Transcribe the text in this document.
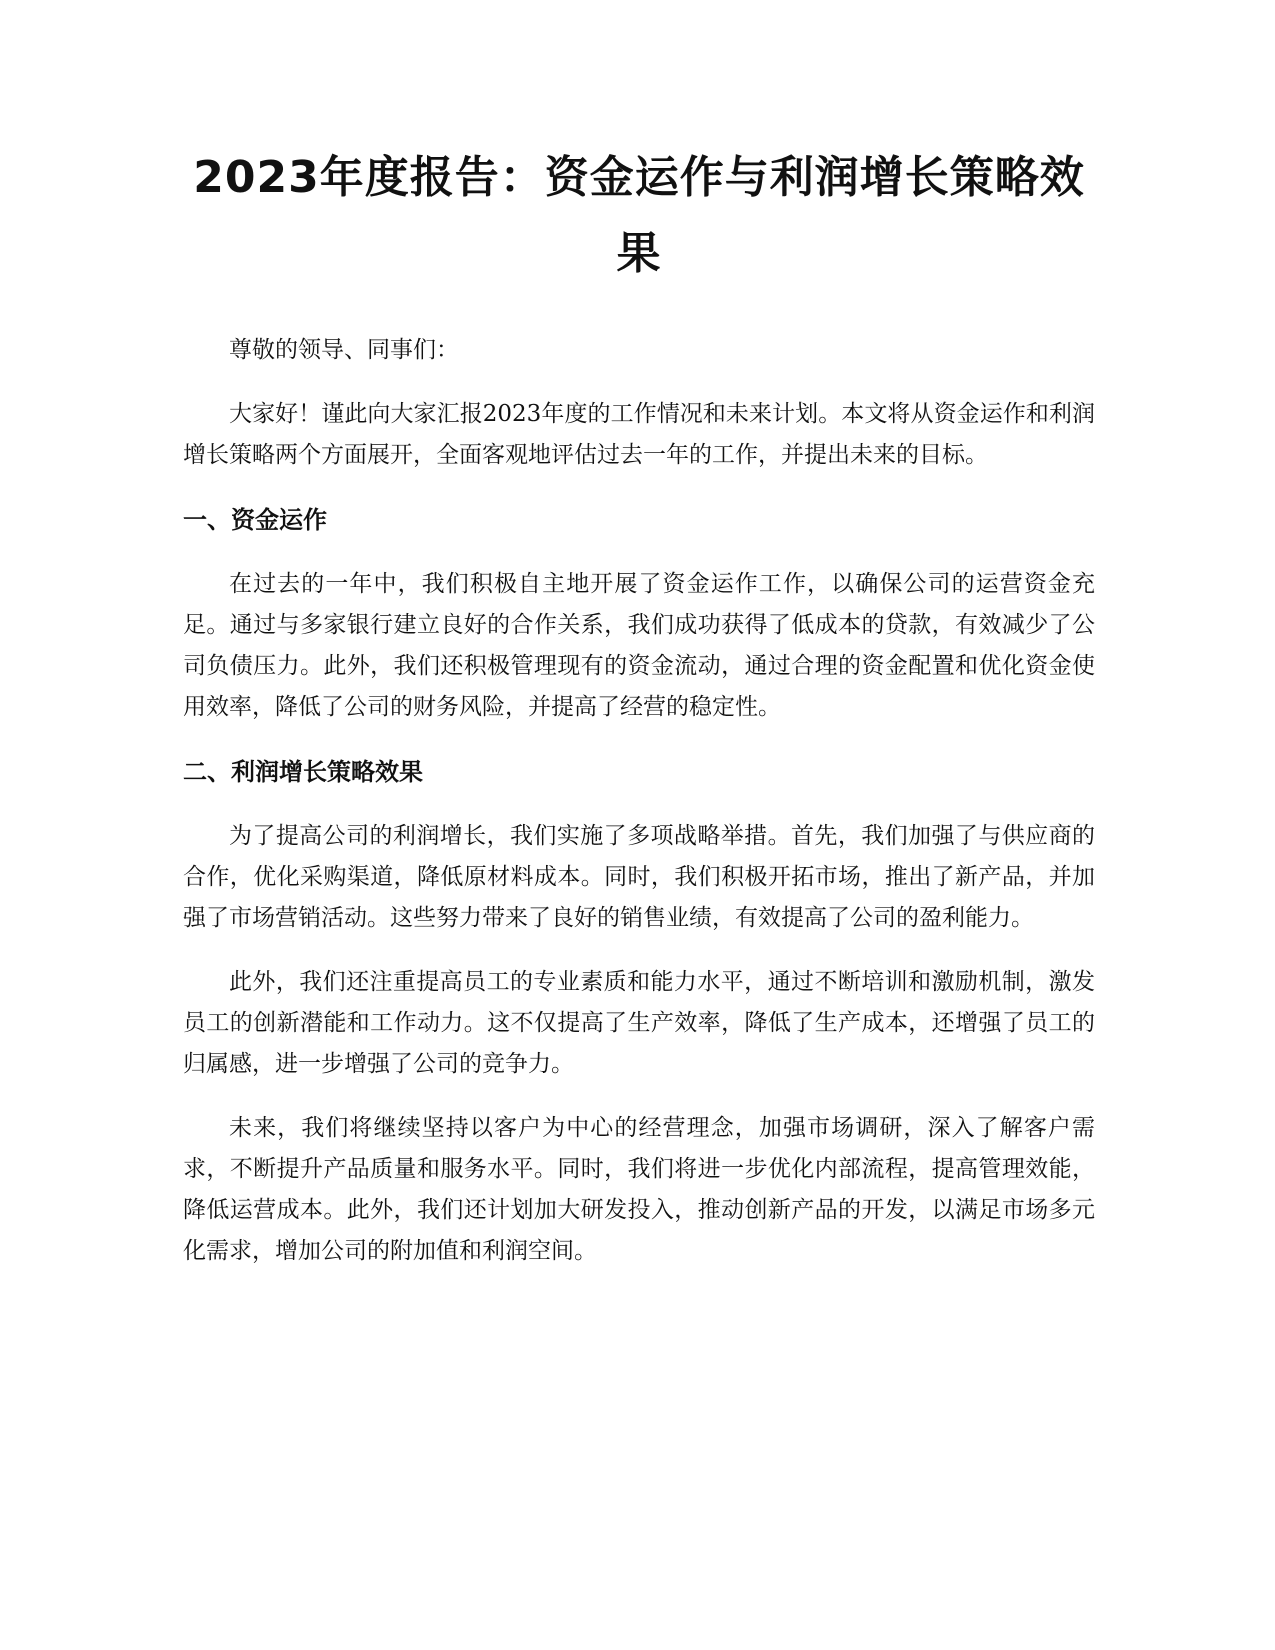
2023年度报告：资金运作与利润增长策略效果

尊敬的领导、同事们：

大家好！谨此向大家汇报2023年度的工作情况和未来计划。本文将从资金运作和利润增长策略两个方面展开，全面客观地评估过去一年的工作，并提出未来的目标。

一、资金运作

在过去的一年中，我们积极自主地开展了资金运作工作，以确保公司的运营资金充足。通过与多家银行建立良好的合作关系，我们成功获得了低成本的贷款，有效减少了公司负债压力。此外，我们还积极管理现有的资金流动，通过合理的资金配置和优化资金使用效率，降低了公司的财务风险，并提高了经营的稳定性。

二、利润增长策略效果

为了提高公司的利润增长，我们实施了多项战略举措。首先，我们加强了与供应商的合作，优化采购渠道，降低原材料成本。同时，我们积极开拓市场，推出了新产品，并加强了市场营销活动。这些努力带来了良好的销售业绩，有效提高了公司的盈利能力。

此外，我们还注重提高员工的专业素质和能力水平，通过不断培训和激励机制，激发员工的创新潜能和工作动力。这不仅提高了生产效率，降低了生产成本，还增强了员工的归属感，进一步增强了公司的竞争力。

未来，我们将继续坚持以客户为中心的经营理念，加强市场调研，深入了解客户需求，不断提升产品质量和服务水平。同时，我们将进一步优化内部流程，提高管理效能，降低运营成本。此外，我们还计划加大研发投入，推动创新产品的开发，以满足市场多元化需求，增加公司的附加值和利润空间。
